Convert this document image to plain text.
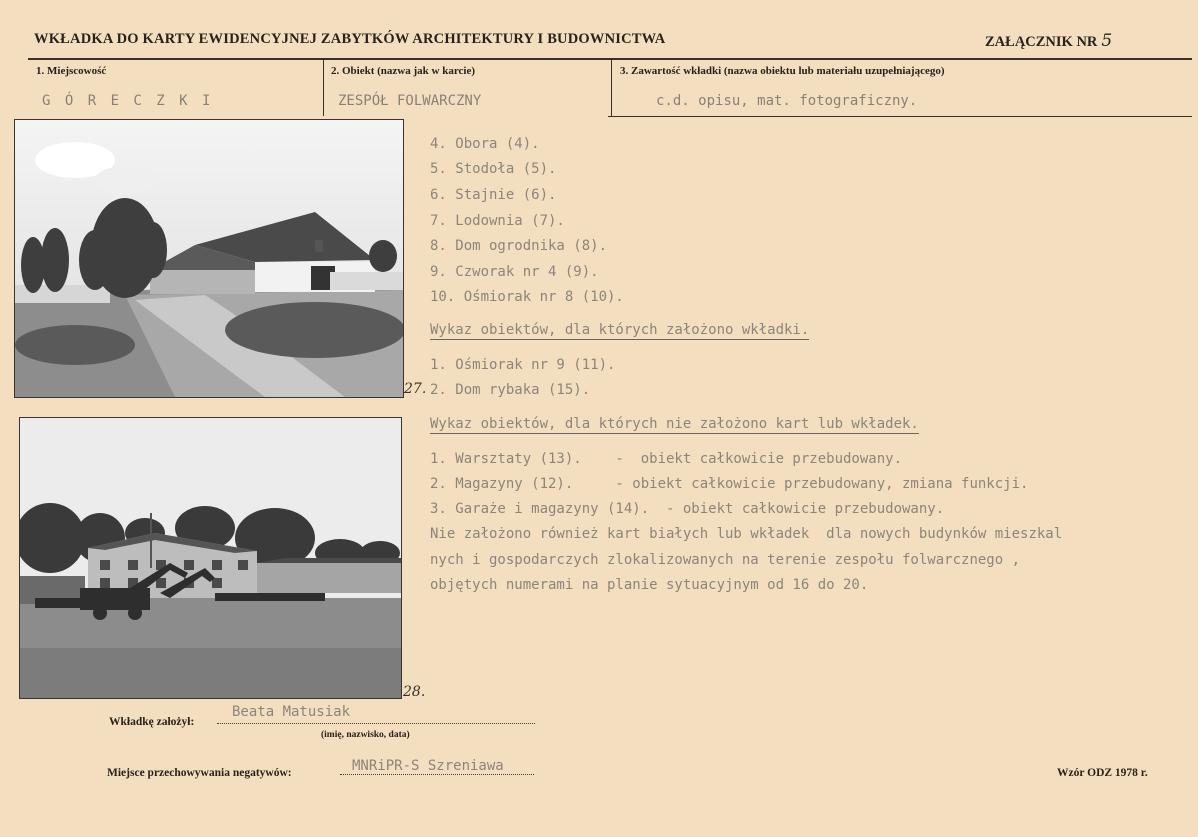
WKŁADKA DO KARTY EWIDENCYJNEJ ZABYTKÓW ARCHITEKTURY I BUDOWNICTWA	ZAŁĄCZNIK NR 5
1. Miejscowość	2. Obiekt (nazwa jak w karcie)	3. Zawartość wkładki (nazwa obiektu lub materiału uzupełniającego)
G Ó R E C Z K I	ZESPÓŁ FOLWARCZNY	c.d. opisu, mat. fotograficzny.
27.
28.
4. Obora (4).
5. Stodoła (5).
6. Stajnie (6).
7. Lodownia (7).
8. Dom ogrodnika (8).
9. Czworak nr 4 (9).
10. Ośmiorak nr 8 (10).
Wykaz obiektów, dla których założono wkładki.
1. Ośmiorak nr 9 (11).
2. Dom rybaka (15).
Wykaz obiektów, dla których nie założono kart lub wkładek.
1. Warsztaty (13).    -  obiekt całkowicie przebudowany.
2. Magazyny (12).     - obiekt całkowicie przebudowany, zmiana funkcji.
3. Garaże i magazyny (14).  - obiekt całkowicie przebudowany.
Nie założono również kart białych lub wkładek  dla nowych budynków mieszkal
nych i gospodarczych zlokalizowanych na terenie zespołu folwarcznego ,
objętych numerami na planie sytuacyjnym od 16 do 20.
Wkładkę założył:
Beata Matusiak
(imię, nazwisko, data)
Miejsce przechowywania negatywów:	MNRiPR-S Szreniawa	Wzór ODZ 1978 r.
